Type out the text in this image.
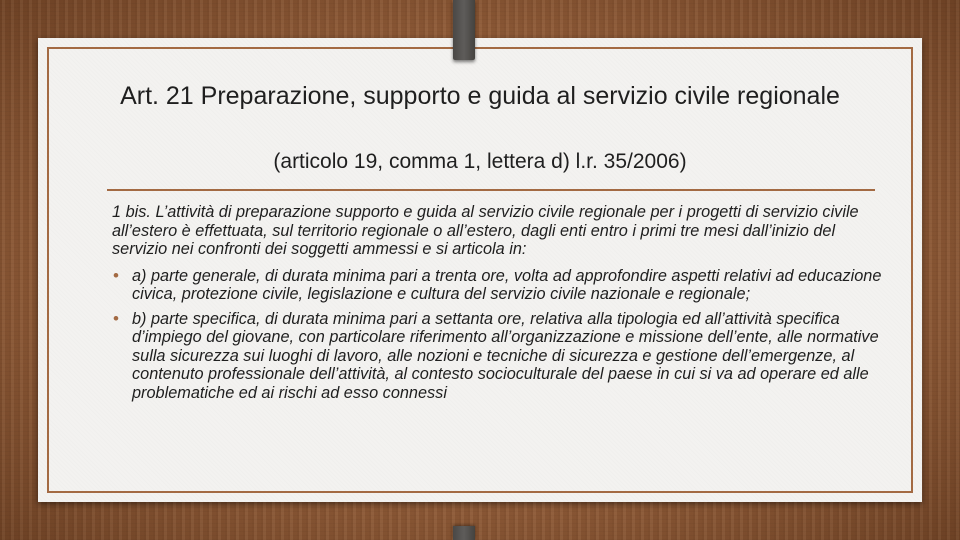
Art. 21 Preparazione, supporto e guida al servizio civile regionale
(articolo 19, comma 1, lettera d) l.r. 35/2006)

1 bis. L’attività di preparazione supporto e guida al servizio civile regionale per i progetti di servizio civile all’estero è effettuata, sul territorio regionale o all’estero, dagli enti entro i primi tre mesi dall’inizio del servizio nei confronti dei soggetti ammessi e si articola in:

• a) parte generale, di durata minima pari a trenta ore, volta ad approfondire aspetti relativi ad educazione civica, protezione civile, legislazione e cultura del servizio civile nazionale e regionale;
• b) parte specifica, di durata minima pari a settanta ore, relativa alla tipologia ed all’attività specifica d’impiego del giovane, con particolare riferimento all’organizzazione e missione dell’ente, alle normative sulla sicurezza sui luoghi di lavoro, alle nozioni e tecniche di sicurezza e gestione dell’emergenze, al contenuto professionale dell’attività, al contesto socioculturale del paese in cui si va ad operare ed alle problematiche ed ai rischi ad esso connessi
